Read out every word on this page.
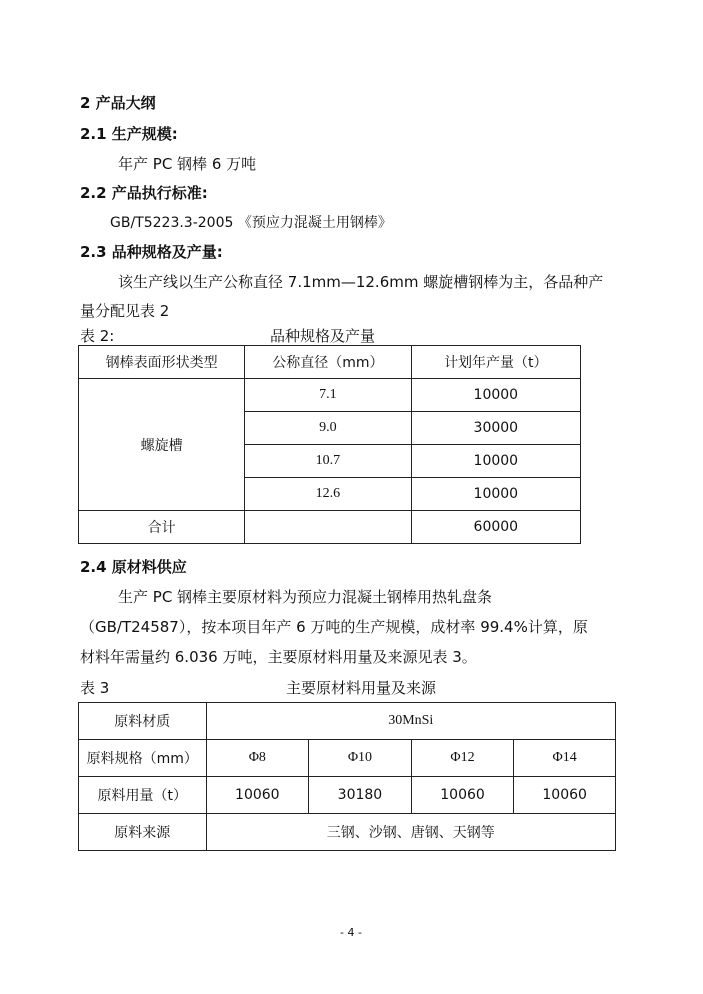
2 产品大纲
2.1 生产规模:
年产 PC 钢棒 6 万吨
2.2 产品执行标准:
GB/T5223.3-2005 《预应力混凝土用钢棒》
2.3 品种规格及产量:
该生产线以生产公称直径 7.1mm—12.6mm 螺旋槽钢棒为主，各品种产
量分配见表 2
表 2:	品种规格及产量
钢棒表面形状类型	公称直径（mm）	计划年产量（t）
螺旋槽	7.1	10000
	9.0	30000
	10.7	10000
	12.6	10000
合计		60000
2.4 原材料供应
生产 PC 钢棒主要原材料为预应力混凝土钢棒用热轧盘条
（GB/T24587），按本项目年产 6 万吨的生产规模，成材率 99.4%计算，原
材料年需量约 6.036 万吨，主要原材料用量及来源见表 3。
表 3	主要原材料用量及来源
原料材质	30MnSi			
原料规格（mm）	Φ8	Φ10	Φ12	Φ14
原料用量（t）	10060	30180	10060	10060
原料来源	三钢、沙钢、唐钢、天钢等			
- 4 -
